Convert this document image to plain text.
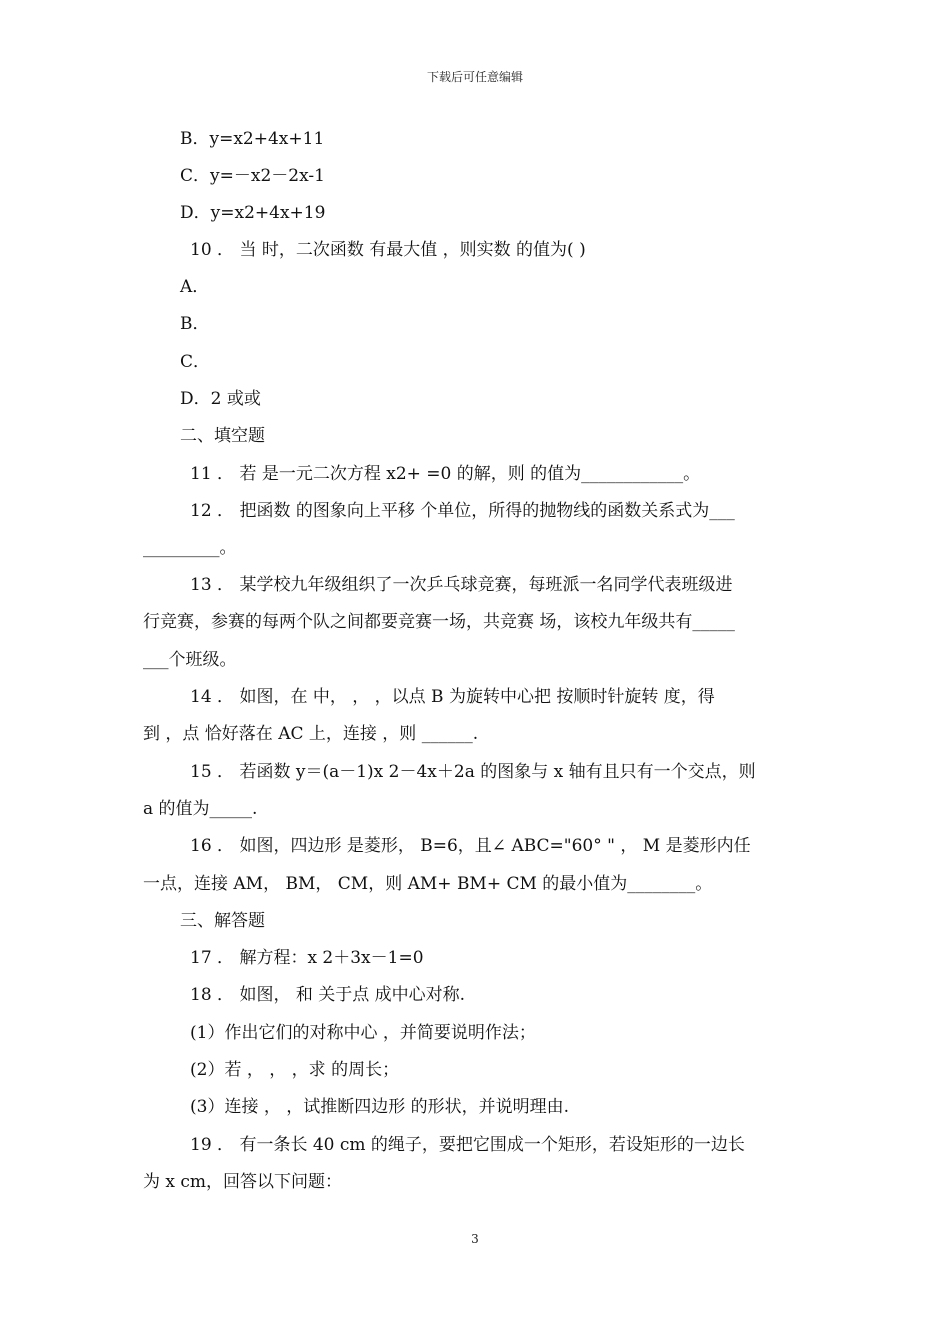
下载后可任意编辑
B．y=x2+4x+11
C．y=－x2－2x-1
D．y=x2+4x+19
10 ． 当 时，二次函数 有最大值 ，则实数 的值为( )
A．
B．
C．
D．2 或或
二、填空题
11 ． 若 是一元二次方程 x2+ =0 的解，则 的值为____________。
12 ． 把函数 的图象向上平移 个单位，所得的抛物线的函数关系式为___
_________。
13 ． 某学校九年级组织了一次乒乓球竞赛，每班派一名同学代表班级进
行竞赛，参赛的每两个队之间都要竞赛一场，共竞赛 场，该校九年级共有_____
___个班级。
14 ． 如图，在 中， ， ，以点 B 为旋转中心把 按顺时针旋转 度，得
到 ，点 恰好落在 AC 上，连接 ，则 ______.
15 ． 若函数 y＝(a－1)x 2－4x＋2a 的图象与 x 轴有且只有一个交点，则
a 的值为_____.
16 ． 如图，四边形 是菱形， B=6，且∠ ABC="60° " ， M 是菱形内任
一点，连接 AM， BM， CM，则 AM+ BM+ CM 的最小值为________。
三、解答题
17 ． 解方程：x 2＋3x－1=0
18 ． 如图， 和 关于点 成中心对称.
(1）作出它们的对称中心 ，并简要说明作法；
(2）若 ， ， ，求 的周长；
(3）连接 ， ，试推断四边形 的形状，并说明理由.
19 ． 有一条长 40 cm 的绳子，要把它围成一个矩形，若设矩形的一边长
为 x cm，回答以下问题：
3
